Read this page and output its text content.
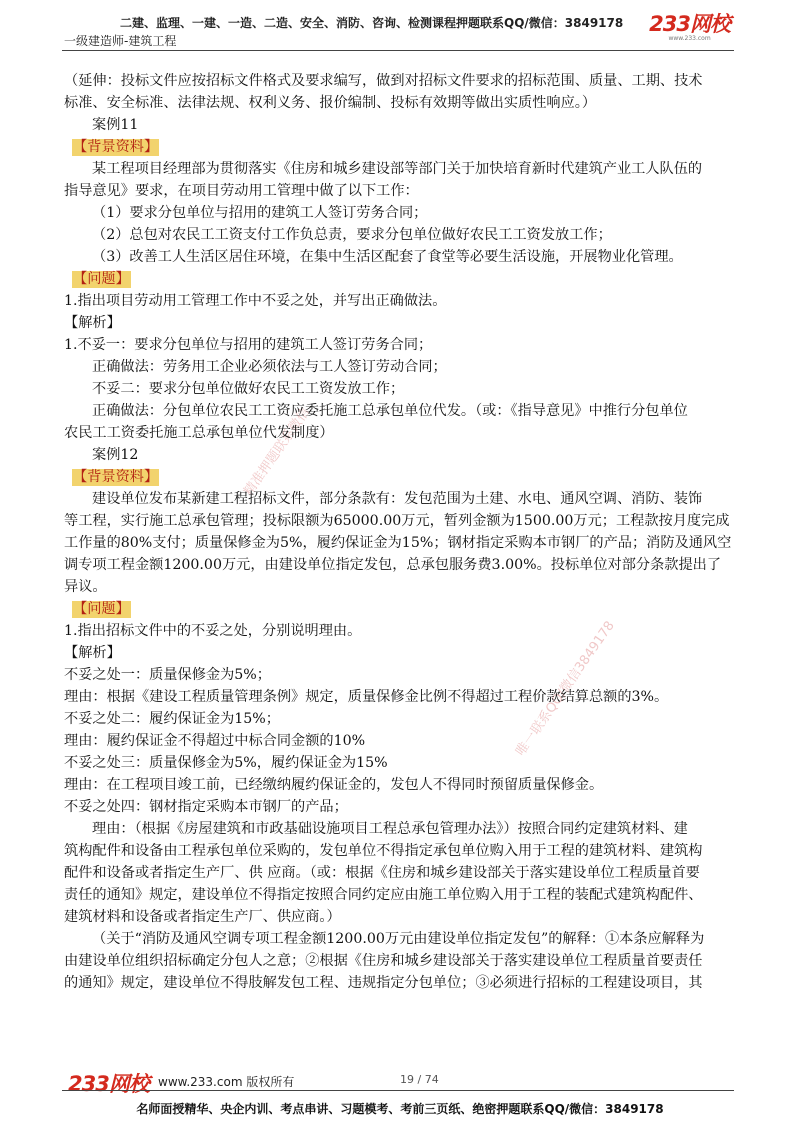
二建、监理、一建、一造、二造、安全、消防、咨询、检测课程押题联系QQ/微信：3849178
一级建造师-建筑工程
233网校
www.233.com
精准押题联系微信
唯一联系QQ/微信3849178
（延伸：投标文件应按招标文件格式及要求编写，做到对招标文件要求的招标范围、质量、工期、技术
标准、安全标准、法律法规、权利义务、报价编制、投标有效期等做出实质性响应。）
案例11
【背景资料】
某工程项目经理部为贯彻落实《住房和城乡建设部等部门关于加快培育新时代建筑产业工人队伍的
指导意见》要求，在项目劳动用工管理中做了以下工作：
（1）要求分包单位与招用的建筑工人签订劳务合同；
（2）总包对农民工工资支付工作负总责，要求分包单位做好农民工工资发放工作；
（3）改善工人生活区居住环境，在集中生活区配套了食堂等必要生活设施，开展物业化管理。
【问题】
1.指出项目劳动用工管理工作中不妥之处，并写出正确做法。
【解析】
1.不妥一：要求分包单位与招用的建筑工人签订劳务合同；
正确做法：劳务用工企业必须依法与工人签订劳动合同；
不妥二：要求分包单位做好农民工工资发放工作；
正确做法：分包单位农民工工资应委托施工总承包单位代发。（或：《指导意见》中推行分包单位
农民工工资委托施工总承包单位代发制度）
案例12
【背景资料】
建设单位发布某新建工程招标文件，部分条款有：发包范围为土建、水电、通风空调、消防、装饰
等工程，实行施工总承包管理；投标限额为65000.00万元，暂列金额为1500.00万元；工程款按月度完成
工作量的80%支付；质量保修金为5%，履约保证金为15%；钢材指定采购本市钢厂的产品；消防及通风空
调专项工程金额1200.00万元，由建设单位指定发包，总承包服务费3.00%。投标单位对部分条款提出了
异议。
【问题】
1.指出招标文件中的不妥之处，分别说明理由。
【解析】
不妥之处一：质量保修金为5%；
理由：根据《建设工程质量管理条例》规定，质量保修金比例不得超过工程价款结算总额的3%。
不妥之处二：履约保证金为15%；
理由：履约保证金不得超过中标合同金额的10%
不妥之处三：质量保修金为5%，履约保证金为15%
理由：在工程项目竣工前，已经缴纳履约保证金的，发包人不得同时预留质量保修金。
不妥之处四：钢材指定采购本市钢厂的产品；
理由：（根据《房屋建筑和市政基础设施项目工程总承包管理办法》）按照合同约定建筑材料、建
筑构配件和设备由工程承包单位采购的，发包单位不得指定承包单位购入用于工程的建筑材料、建筑构
配件和设备或者指定生产厂、供 应商。（或：根据《住房和城乡建设部关于落实建设单位工程质量首要
责任的通知》规定，建设单位不得指定按照合同约定应由施工单位购入用于工程的装配式建筑构配件、
建筑材料和设备或者指定生产厂、供应商。）
（关于“消防及通风空调专项工程金额1200.00万元由建设单位指定发包”的解释：①本条应解释为
由建设单位组织招标确定分包人之意；②根据《住房和城乡建设部关于落实建设单位工程质量首要责任
的通知》规定，建设单位不得肢解发包工程、违规指定分包单位；③必须进行招标的工程建设项目，其
233网校 www.233.com 版权所有	19 / 74
名师面授精华、央企内训、考点串讲、习题模考、考前三页纸、绝密押题联系QQ/微信：3849178
